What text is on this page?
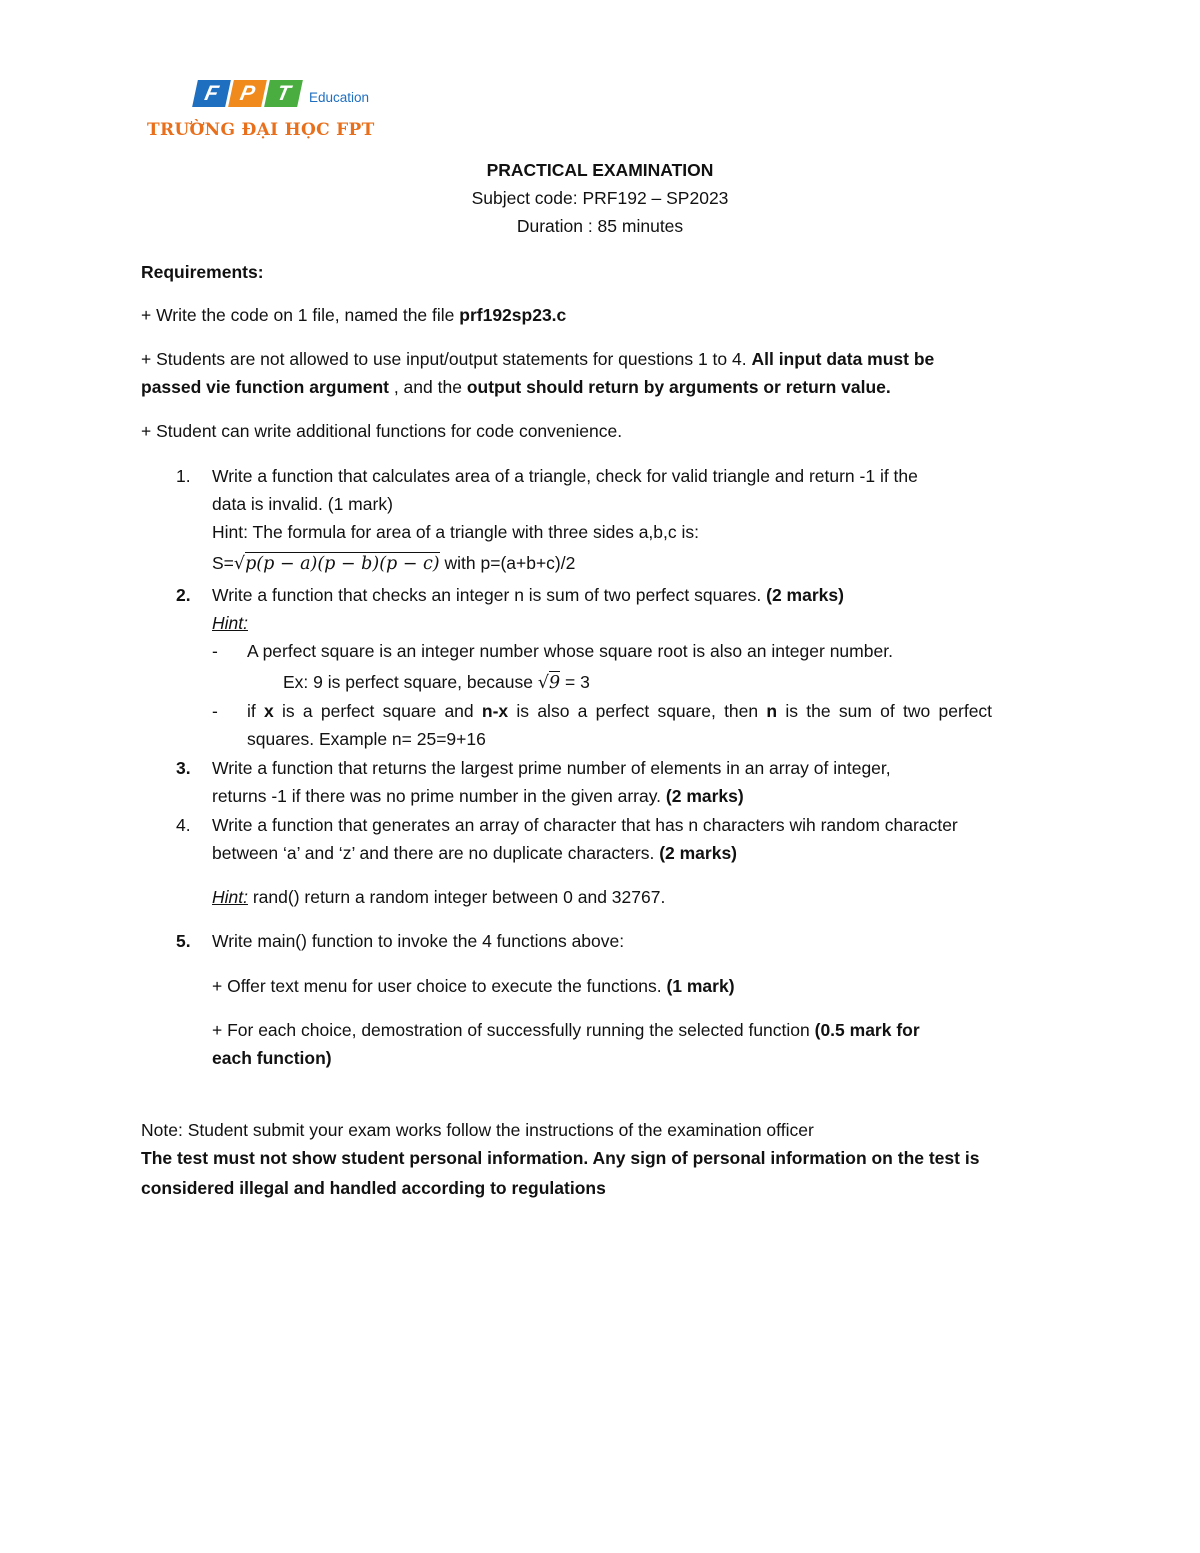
F P T	Education
TRƯỜNG ĐẠI HỌC FPT
PRACTICAL EXAMINATION
Subject code: PRF192 – SP2023
Duration : 85 minutes
Requirements:
+ Write the code on 1 file, named the file prf192sp23.c
+ Students are not allowed to use input/output statements for questions 1 to 4. All input data must be
passed vie function argument , and the output should return by arguments or return value.
+ Student can write additional functions for code convenience.
1. Write a function that calculates area of a triangle, check for valid triangle and return -1 if the
data is invalid. (1 mark)
Hint: The formula for area of a triangle with three sides a,b,c is:
S=√p(p − a)(p − b)(p − c) with p=(a+b+c)/2
2. Write a function that checks an integer n is sum of two perfect squares. (2 marks)
Hint:
- A perfect square is an integer number whose square root is also an integer number.
Ex: 9 is perfect square, because √9 = 3
- if x is a perfect square and n-x is also a perfect square, then n is the sum of two perfect
squares. Example n= 25=9+16
3. Write a function that returns the largest prime number of elements in an array of integer,
returns -1 if there was no prime number in the given array. (2 marks)
4. Write a function that generates an array of character that has n characters wih random character
between ‘a’ and ‘z’ and there are no duplicate characters. (2 marks)
Hint: rand() return a random integer between 0 and 32767.
5. Write main() function to invoke the 4 functions above:
+ Offer text menu for user choice to execute the functions. (1 mark)
+ For each choice, demostration of successfully running the selected function (0.5 mark for
each function)
Note: Student submit your exam works follow the instructions of the examination officer
The test must not show student personal information. Any sign of personal information on the test is
considered illegal and handled according to regulations
